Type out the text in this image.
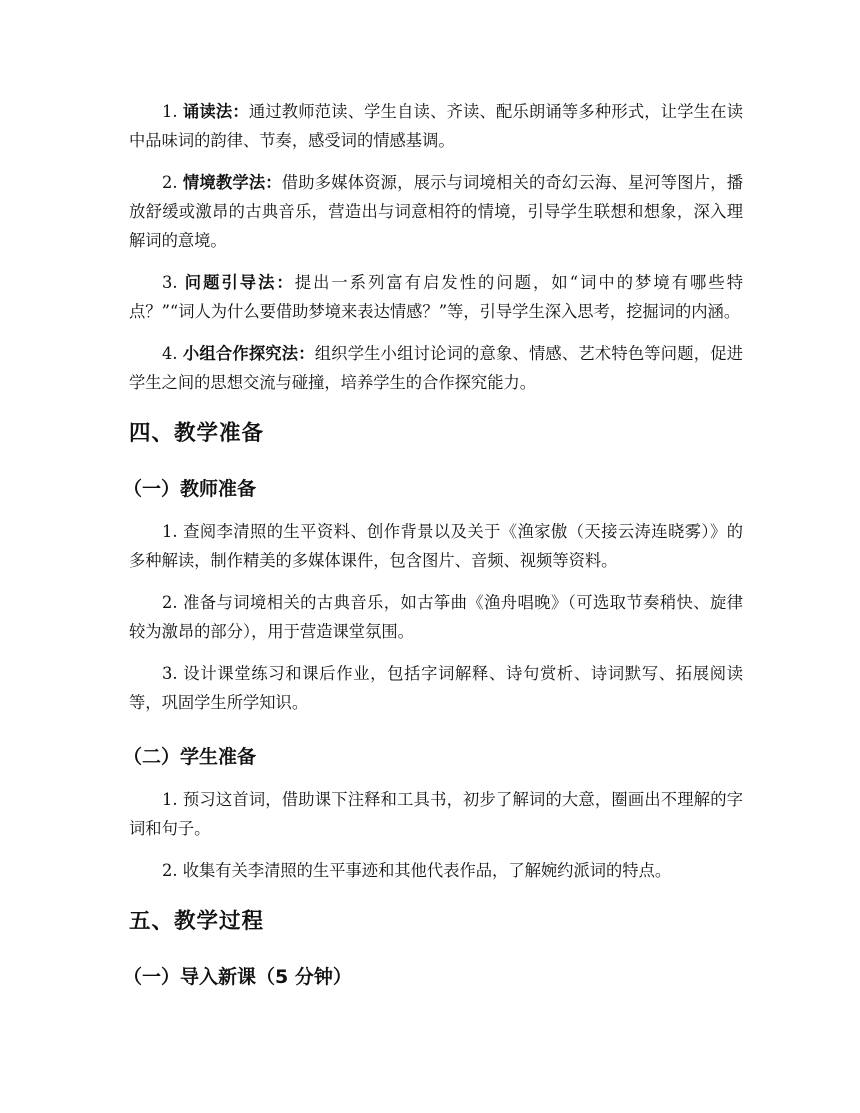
1. 诵读法：通过教师范读、学生自读、齐读、配乐朗诵等多种形式，让学生在读中品味词的韵律、节奏，感受词的情感基调。

2. 情境教学法：借助多媒体资源，展示与词境相关的奇幻云海、星河等图片，播放舒缓或激昂的古典音乐，营造出与词意相符的情境，引导学生联想和想象，深入理解词的意境。

3. 问题引导法：提出一系列富有启发性的问题，如“词中的梦境有哪些特点？”“词人为什么要借助梦境来表达情感？”等，引导学生深入思考，挖掘词的内涵。

4. 小组合作探究法：组织学生小组讨论词的意象、情感、艺术特色等问题，促进学生之间的思想交流与碰撞，培养学生的合作探究能力。

四、教学准备
（一）教师准备

1. 查阅李清照的生平资料、创作背景以及关于《渔家傲（天接云涛连晓雾）》的多种解读，制作精美的多媒体课件，包含图片、音频、视频等资料。

2. 准备与词境相关的古典音乐，如古筝曲《渔舟唱晚》（可选取节奏稍快、旋律较为激昂的部分），用于营造课堂氛围。

3. 设计课堂练习和课后作业，包括字词解释、诗句赏析、诗词默写、拓展阅读等，巩固学生所学知识。

（二）学生准备

1. 预习这首词，借助课下注释和工具书，初步了解词的大意，圈画出不理解的字词和句子。

2. 收集有关李清照的生平事迹和其他代表作品，了解婉约派词的特点。

五、教学过程
（一）导入新课（5 分钟）
